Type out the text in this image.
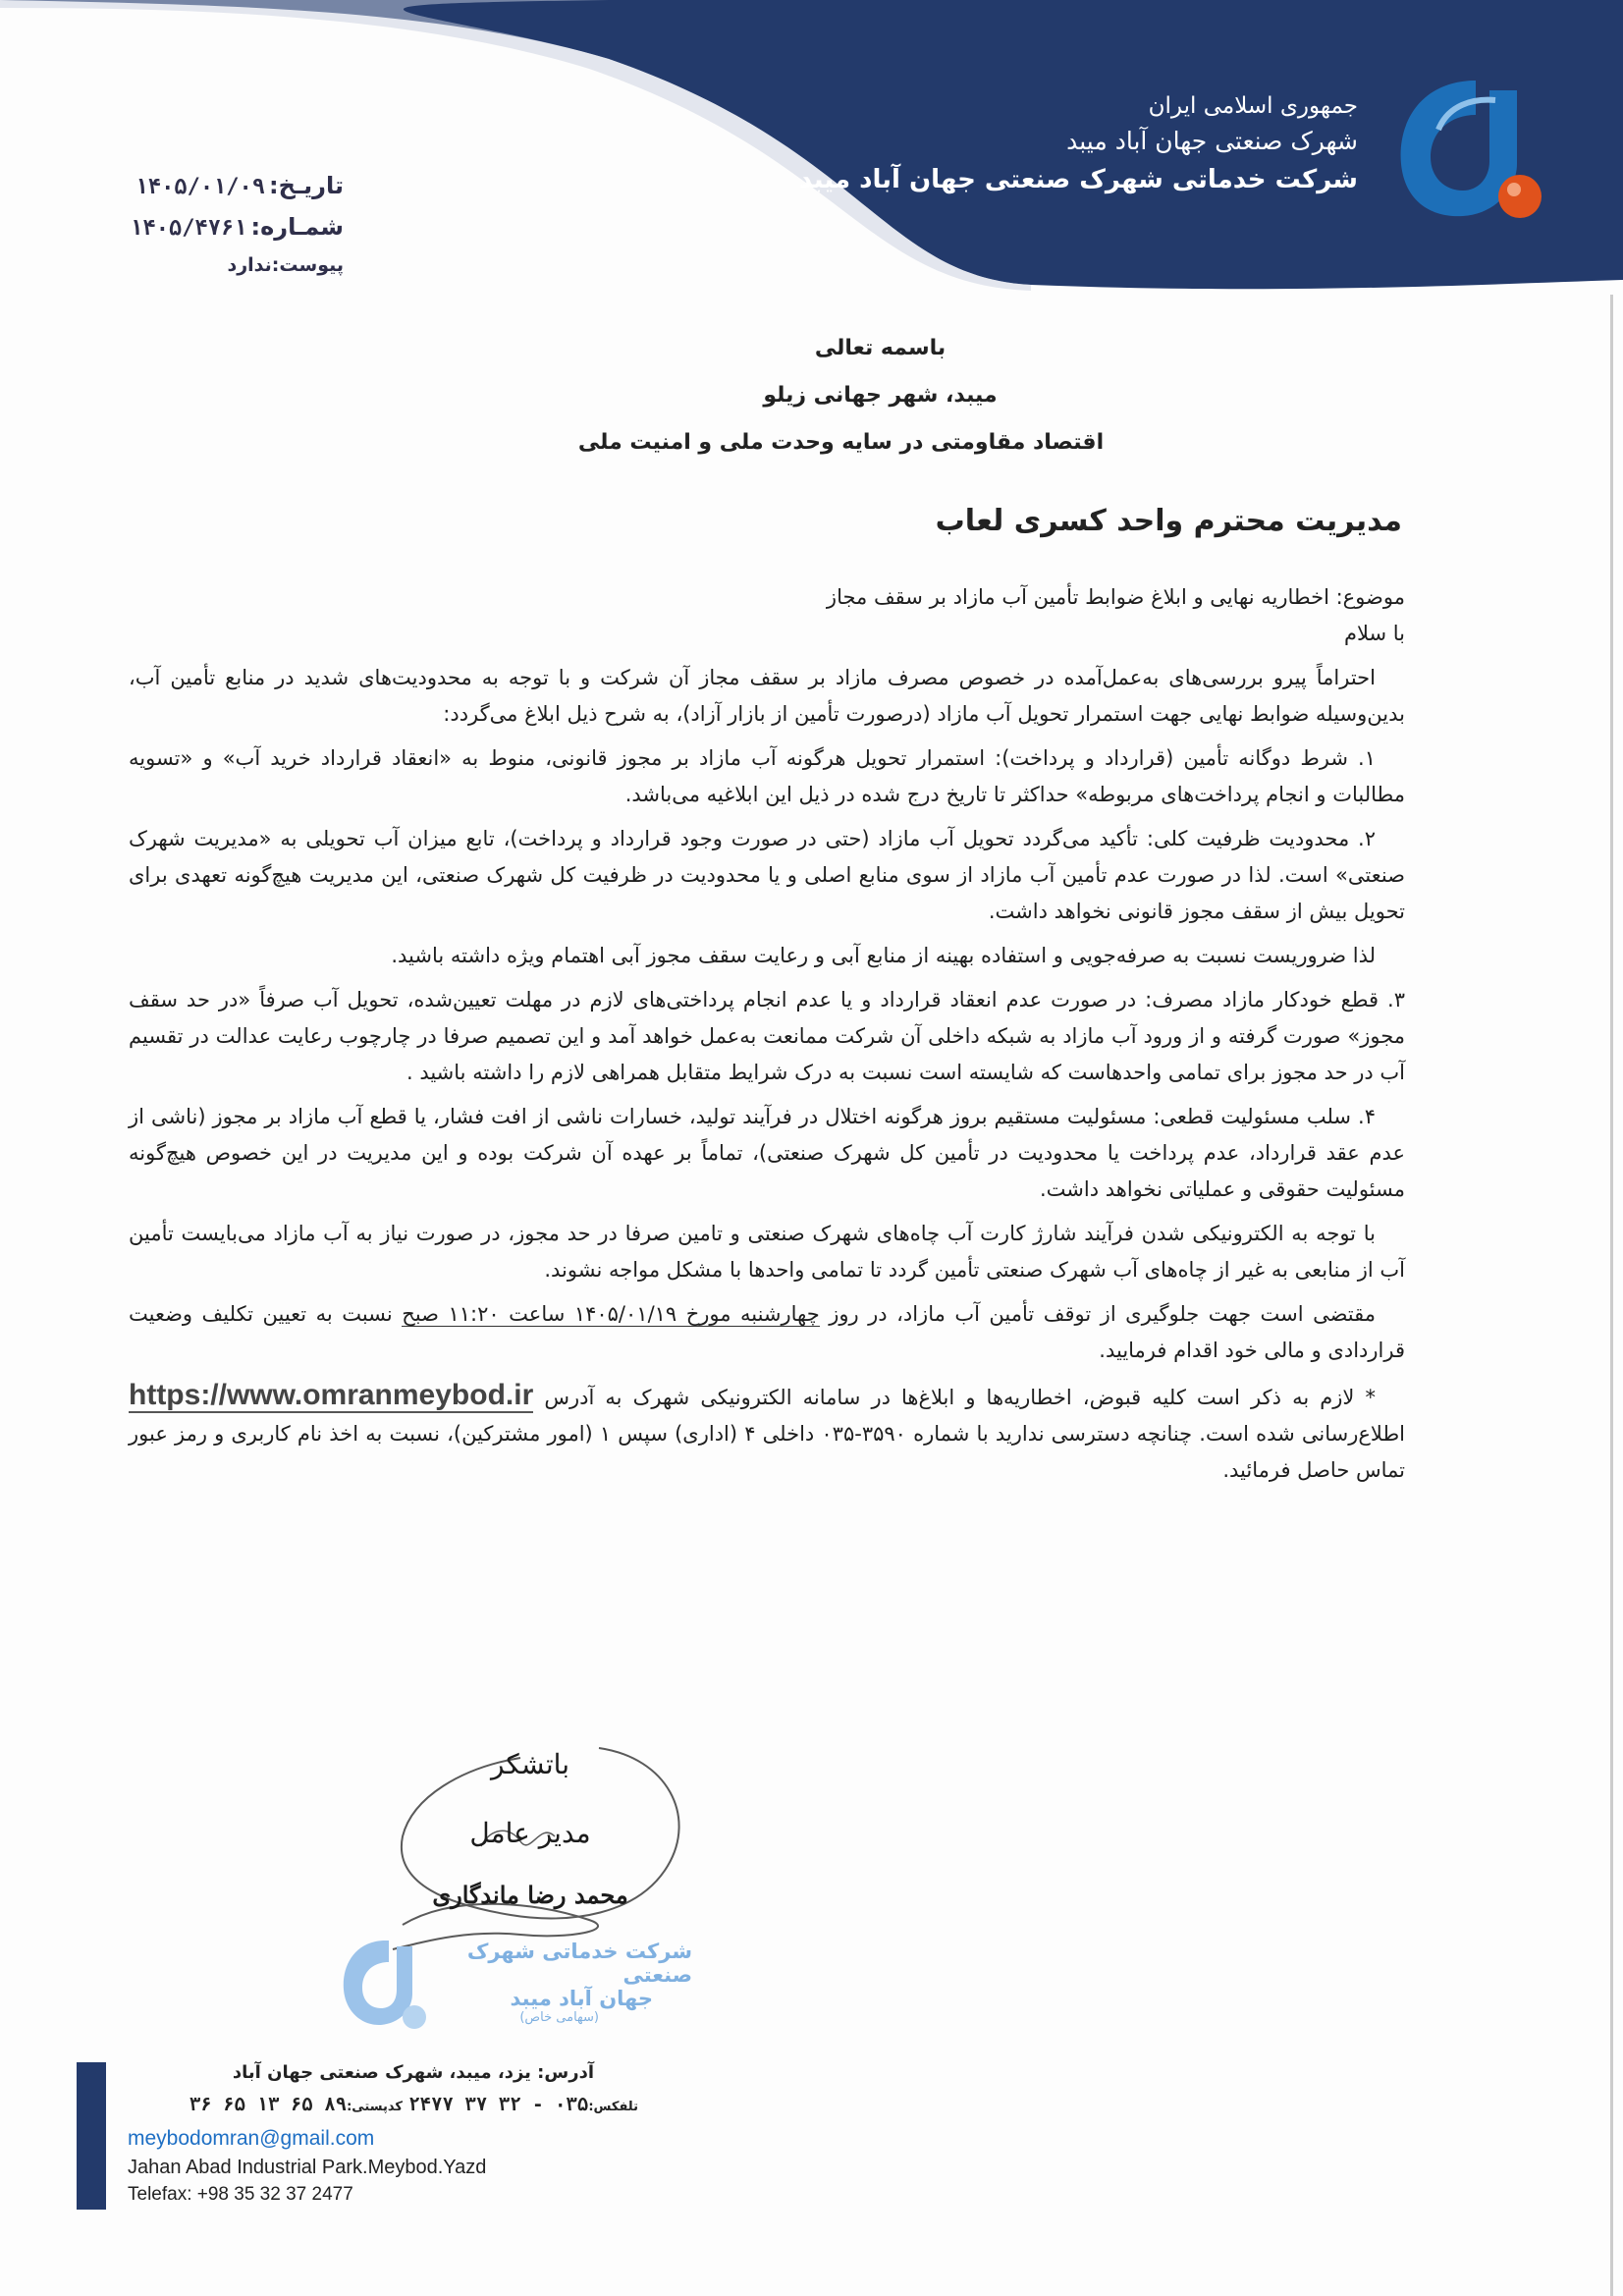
جمهوری اسلامی ایران
شهرک صنعتی جهان آباد میبد
شرکت خدماتی شهرک صنعتی جهان آباد میبد
تاریـخ:۱۴۰۵/۰۱/۰۹
شمـاره:۱۴۰۵/۴۷۶۱
پیوست:ندارد
باسمه تعالی
میبد، شهر جهانی زیلو
اقتصاد مقاومتی در سایه وحدت ملی و امنیت ملی
مدیریت محترم واحد کسری لعاب

موضوع: اخطاریه نهایی و ابلاغ ضوابط تأمین آب مازاد بر سقف مجاز

با سلام

احتراماً پیرو بررسی‌های به‌عمل‌آمده در خصوص مصرف مازاد بر سقف مجاز آن شرکت و با توجه به محدودیت‌های شدید در منابع تأمین آب، بدین‌وسیله ضوابط نهایی جهت استمرار تحویل آب مازاد (درصورت تأمین از بازار آزاد)، به شرح ذیل ابلاغ می‌گردد:

۱. شرط دوگانه تأمین (قرارداد و پرداخت): استمرار تحویل هرگونه آب مازاد بر مجوز قانونی، منوط به «انعقاد قرارداد خرید آب» و «تسویه مطالبات و انجام پرداخت‌های مربوطه» حداکثر تا تاریخ درج شده در ذیل این ابلاغیه می‌باشد.

۲. محدودیت ظرفیت کلی: تأکید می‌گردد تحویل آب مازاد (حتی در صورت وجود قرارداد و پرداخت)، تابع میزان آب تحویلی به «مدیریت شهرک صنعتی» است. لذا در صورت عدم تأمین آب مازاد از سوی منابع اصلی و یا محدودیت در ظرفیت کل شهرک صنعتی، این مدیریت هیچ‌گونه تعهدی برای تحویل بیش از سقف مجوز قانونی نخواهد داشت.

لذا ضروریست نسبت به صرفه‌جویی و استفاده بهینه از منابع آبی و رعایت سقف مجوز آبی اهتمام ویژه داشته باشید.

۳. قطع خودکار مازاد مصرف: در صورت عدم انعقاد قرارداد و یا عدم انجام پرداختی‌های لازم در مهلت تعیین‌شده، تحویل آب صرفاً «در حد سقف مجوز» صورت گرفته و از ورود آب مازاد به شبکه داخلی آن شرکت ممانعت به‌عمل خواهد آمد و این تصمیم صرفا در چارچوب رعایت عدالت در تقسیم آب در حد مجوز برای تمامی واحدهاست که شایسته است نسبت به درک شرایط متقابل همراهی لازم را داشته باشید .

۴. سلب مسئولیت قطعی: مسئولیت مستقیم بروز هرگونه اختلال در فرآیند تولید، خسارات ناشی از افت فشار، یا قطع آب مازاد بر مجوز (ناشی از عدم عقد قرارداد، عدم پرداخت یا محدودیت در تأمین کل شهرک صنعتی)، تماماً بر عهده آن شرکت بوده و این مدیریت در این خصوص هیچ‌گونه مسئولیت حقوقی و عملیاتی نخواهد داشت.

با توجه به الکترونیکی شدن فرآیند شارژ کارت آب چاه‌های شهرک صنعتی و تامین صرفا در حد مجوز، در صورت نیاز به آب مازاد می‌بایست تأمین آب از منابعی به غیر از چاه‌های آب شهرک صنعتی تأمین گردد تا تمامی واحدها با مشکل مواجه نشوند.

مقتضی است جهت جلوگیری از توقف تأمین آب مازاد، در روز چهارشنبه مورخ ۱۴۰۵/۰۱/۱۹ ساعت ۱۱:۲۰ صبح نسبت به تعیین تکلیف وضعیت قراردادی و مالی خود اقدام فرمایید.

* لازم به ذکر است کلیه قبوض، اخطاریه‌ها و ابلاغ‌ها در سامانه الکترونیکی شهرک به آدرس https://www.omranmeybod.ir اطلاع‌رسانی شده است. چنانچه دسترسی ندارید با شماره ۳۵۹۰-۰۳۵ داخلی ۴ (اداری) سپس ۱ (امور مشترکین)، نسبت به اخذ نام کاربری و رمز عبور تماس حاصل فرمائید.

باتشکر
مدیر عامل
محمد رضا ماندگاری
شرکت خدماتی شهرک صنعتی
جهان آباد میبد
(سهامی خاص)
آدرس: یزد، میبد، شهرک صنعتی جهان آباد
تلفکس:۰۳۵ - ۳۲ ۳۷ ۲۴۷۷ کدپستی:۸۹ ۶۵ ۱۳ ۶۵ ۳۶
meybodomran@gmail.com
Jahan Abad Industrial Park.Meybod.Yazd
Telefax: +98 35 32 37 2477
